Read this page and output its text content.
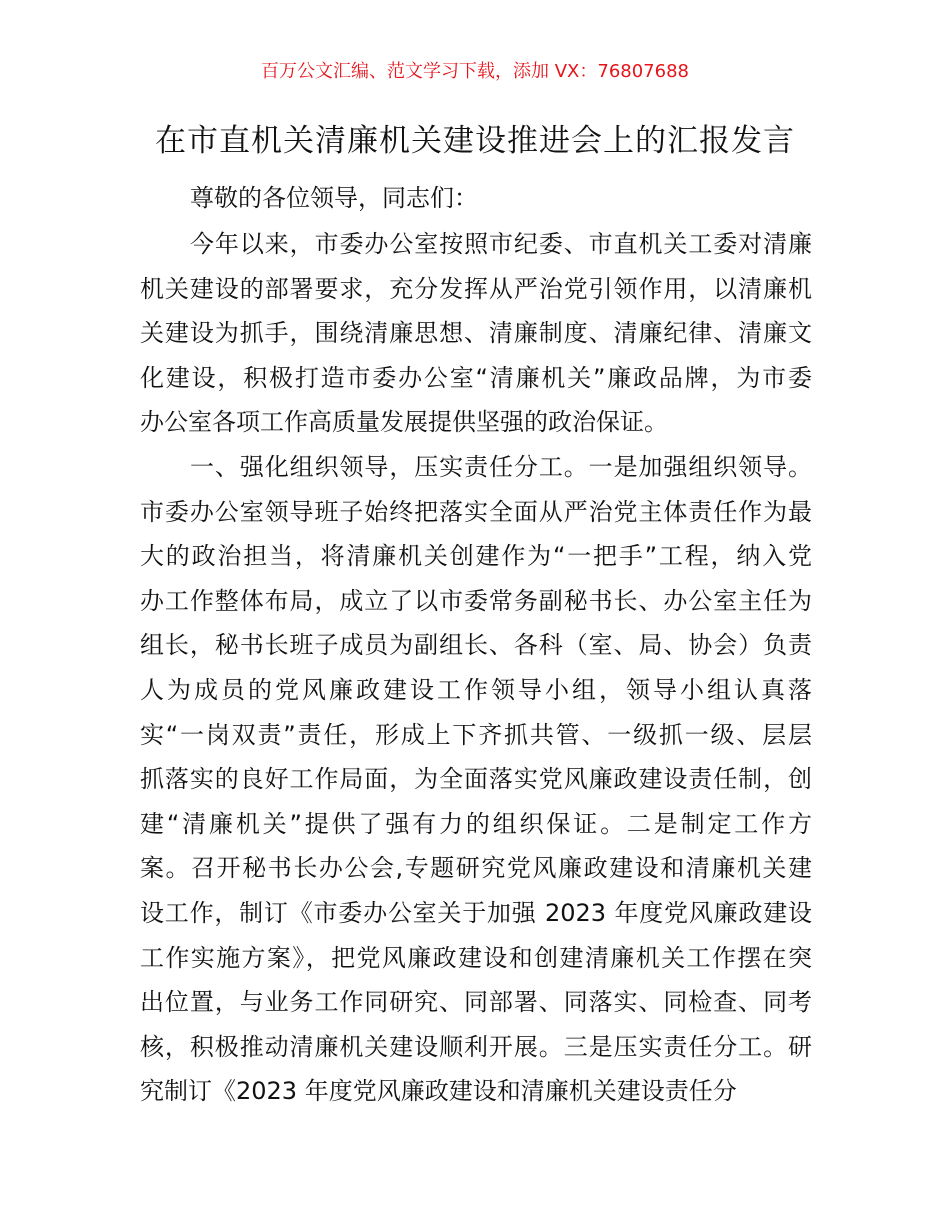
百万公文汇编、范文学习下载，添加 VX：76807688
在市直机关清廉机关建设推进会上的汇报发言
尊敬的各位领导，同志们：
今年以来，市委办公室按照市纪委、市直机关工委对清廉
机关建设的部署要求，充分发挥从严治党引领作用，以清廉机
关建设为抓手，围绕清廉思想、清廉制度、清廉纪律、清廉文
化建设，积极打造市委办公室“清廉机关”廉政品牌，为市委
办公室各项工作高质量发展提供坚强的政治保证。
一、强化组织领导，压实责任分工。一是加强组织领导。
市委办公室领导班子始终把落实全面从严治党主体责任作为最
大的政治担当，将清廉机关创建作为“一把手”工程，纳入党
办工作整体布局，成立了以市委常务副秘书长、办公室主任为
组长，秘书长班子成员为副组长、各科（室、局、协会）负责
人为成员的党风廉政建设工作领导小组，领导小组认真落
实“一岗双责”责任，形成上下齐抓共管、一级抓一级、层层
抓落实的良好工作局面，为全面落实党风廉政建设责任制，创
建“清廉机关”提供了强有力的组织保证。二是制定工作方
案。召开秘书长办公会,专题研究党风廉政建设和清廉机关建
设工作，制订《市委办公室关于加强 2023 年度党风廉政建设
工作实施方案》，把党风廉政建设和创建清廉机关工作摆在突
出位置，与业务工作同研究、同部署、同落实、同检查、同考
核，积极推动清廉机关建设顺利开展。三是压实责任分工。研
究制订《2023 年度党风廉政建设和清廉机关建设责任分
